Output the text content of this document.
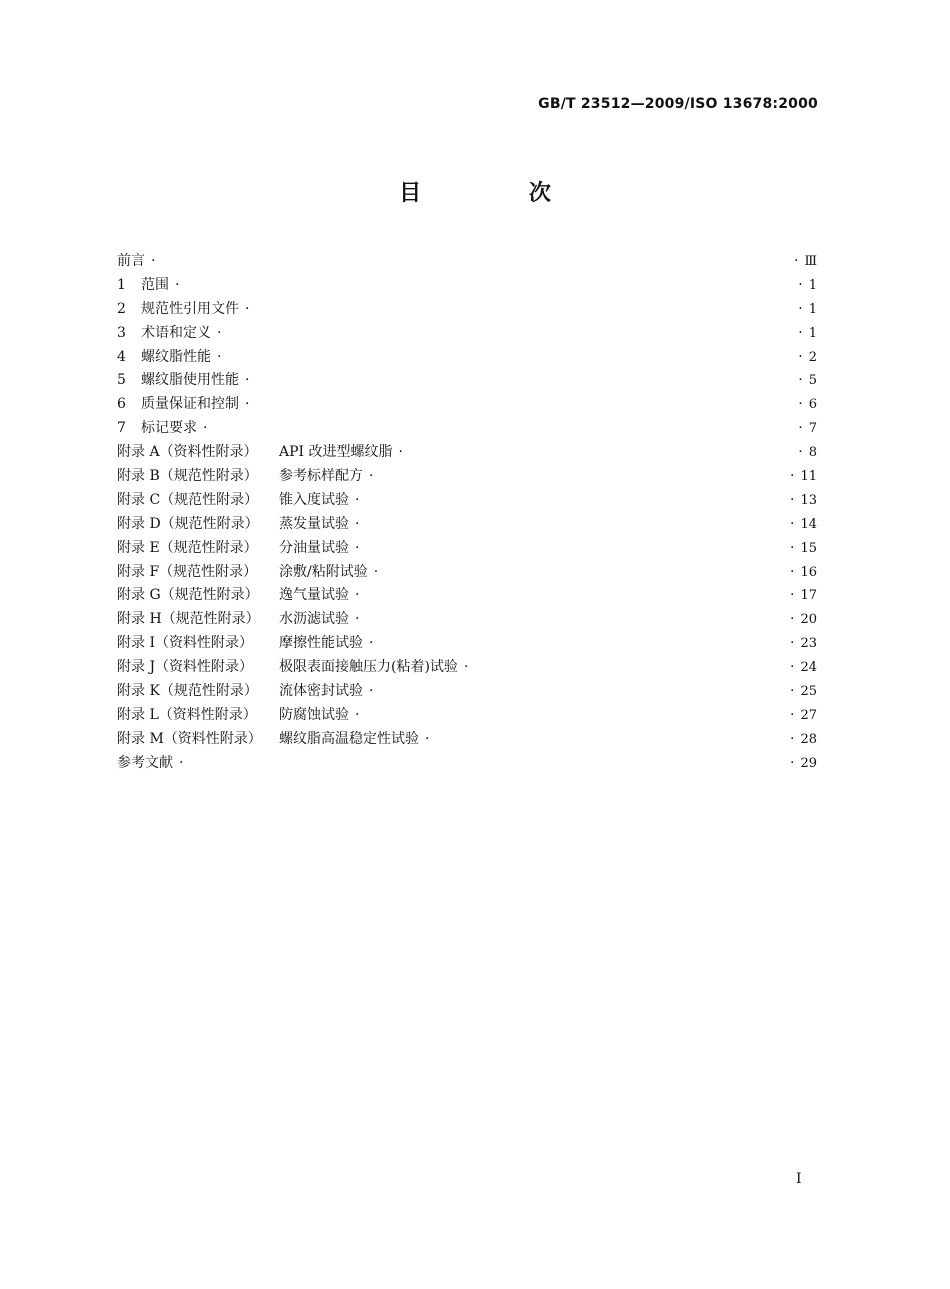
GB/T 23512—2009/ISO 13678:2000
目 次
前言 ·	· Ⅲ
1 范围 ·	· 1
2 规范性引用文件 ·	· 1
3 术语和定义 ·	· 1
4 螺纹脂性能 ·	· 2
5 螺纹脂使用性能 ·	· 5
6 质量保证和控制 ·	· 6
7 标记要求 ·	· 7
附录 A（资料性附录） API 改进型螺纹脂 ·	· 8
附录 B（规范性附录） 参考标样配方 ·	· 11
附录 C（规范性附录） 锥入度试验 ·	· 13
附录 D（规范性附录） 蒸发量试验 ·	· 14
附录 E（规范性附录） 分油量试验 ·	· 15
附录 F（规范性附录） 涂敷/粘附试验 ·	· 16
附录 G（规范性附录） 逸气量试验 ·	· 17
附录 H（规范性附录） 水沥滤试验 ·	· 20
附录 I（资料性附录） 摩擦性能试验 ·	· 23
附录 J（资料性附录） 极限表面接触压力(粘着)试验 ·	· 24
附录 K（规范性附录） 流体密封试验 ·	· 25
附录 L（资料性附录） 防腐蚀试验 ·	· 27
附录 M（资料性附录） 螺纹脂高温稳定性试验 ·	· 28
参考文献 ·	· 29
I
